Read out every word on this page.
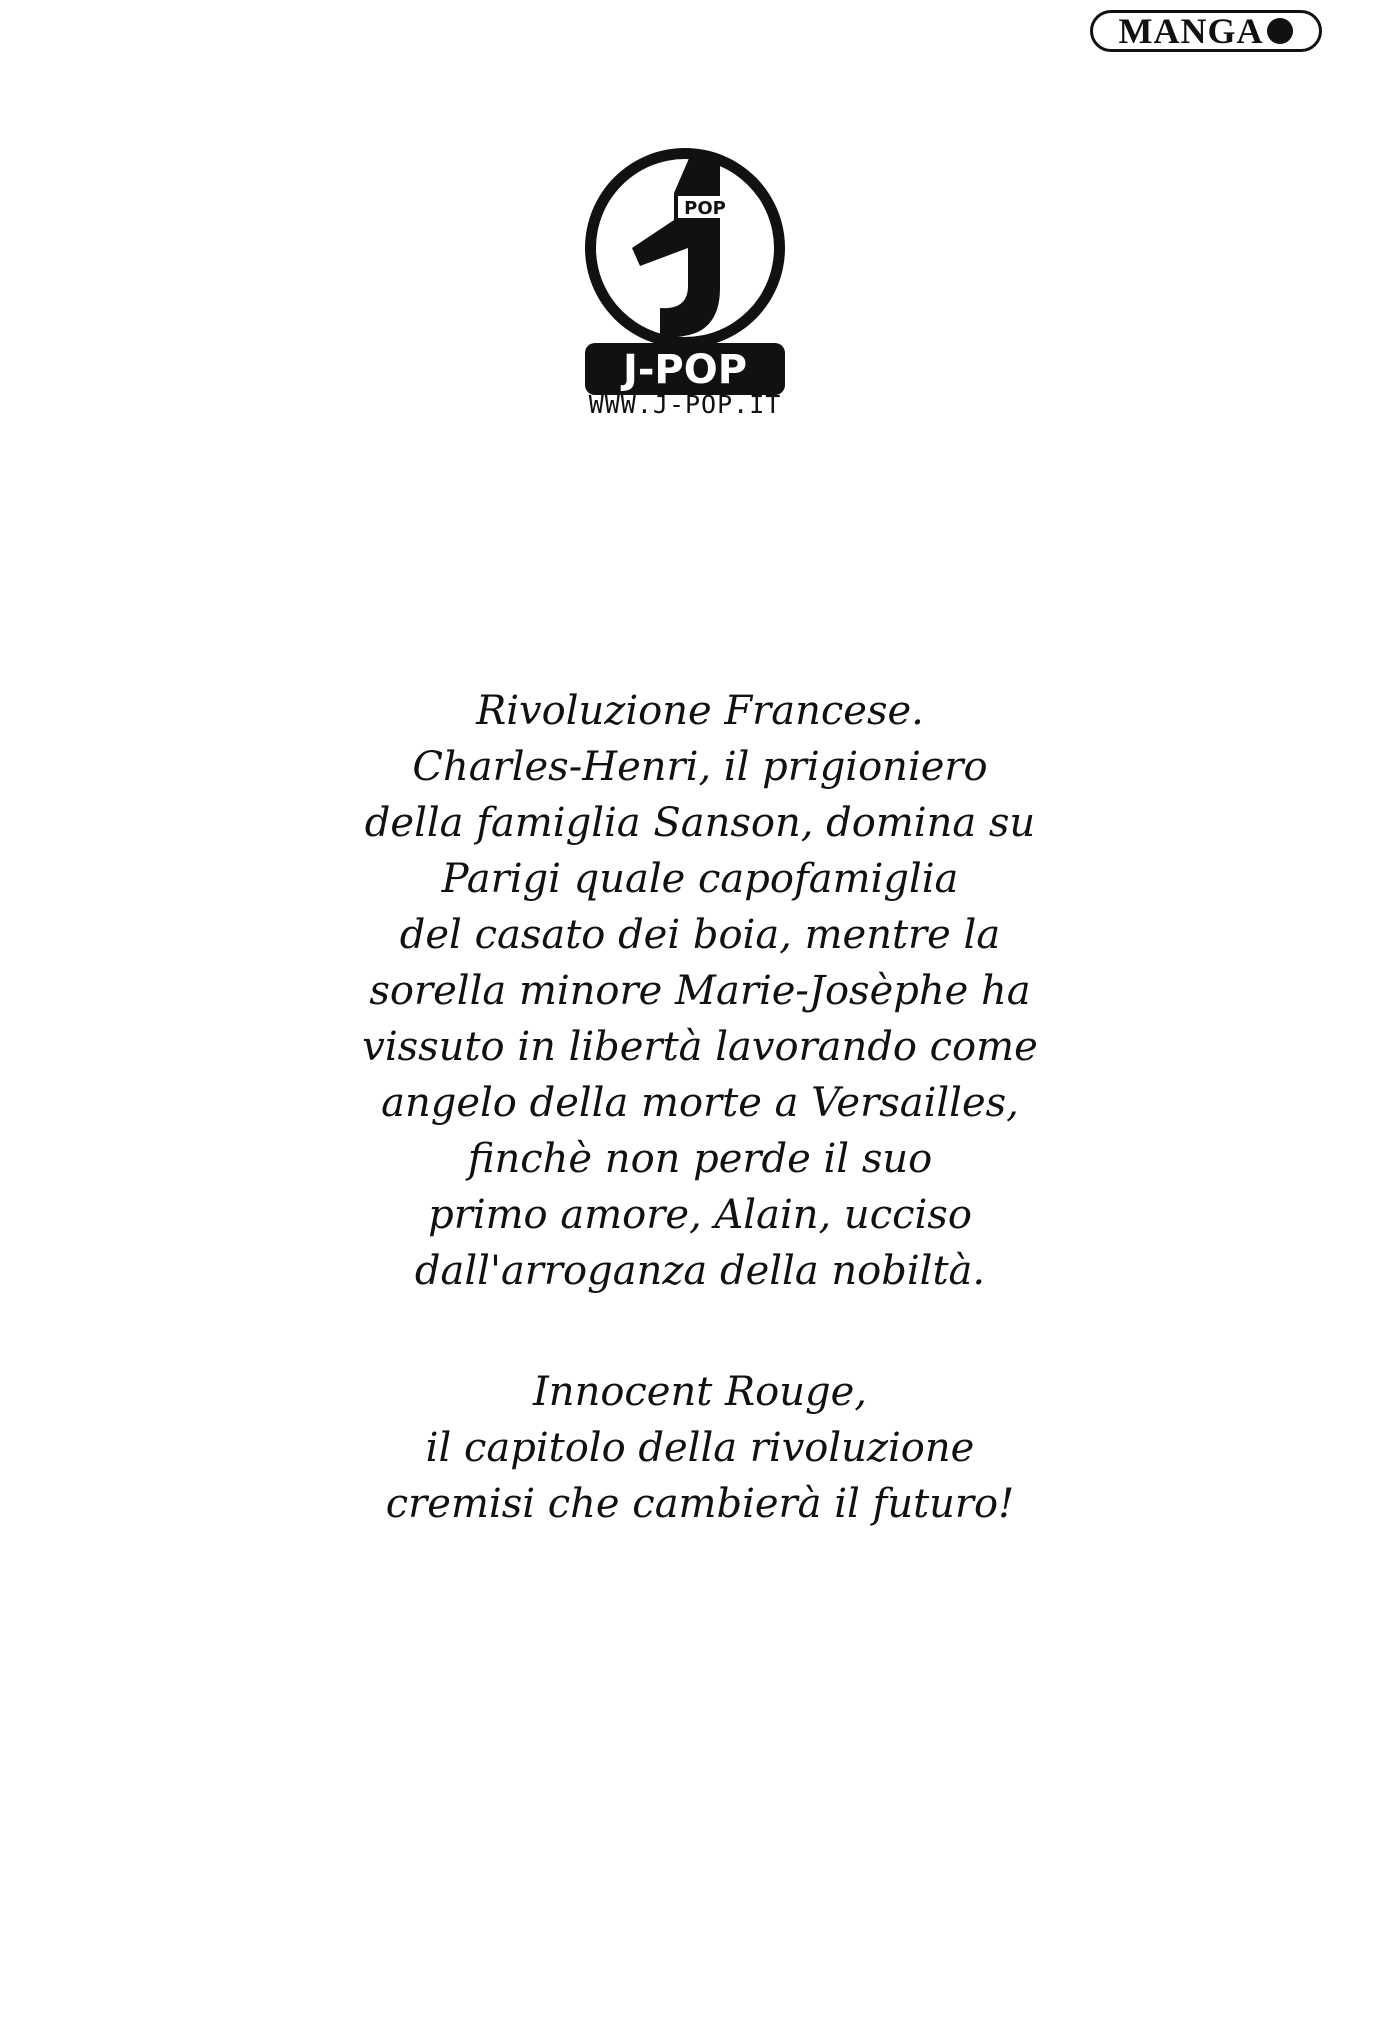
MANGA
POP
J-POP
WWW.J-POP.IT
Rivoluzione Francese.
Charles-Henri, il prigioniero
della famiglia Sanson, domina su
Parigi quale capofamiglia
del casato dei boia, mentre la
sorella minore Marie-Josèphe ha
vissuto in libertà lavorando come
angelo della morte a Versailles,
finchè non perde il suo
primo amore, Alain, ucciso
dall'arroganza della nobiltà.
Innocent Rouge,
il capitolo della rivoluzione
cremisi che cambierà il futuro!
